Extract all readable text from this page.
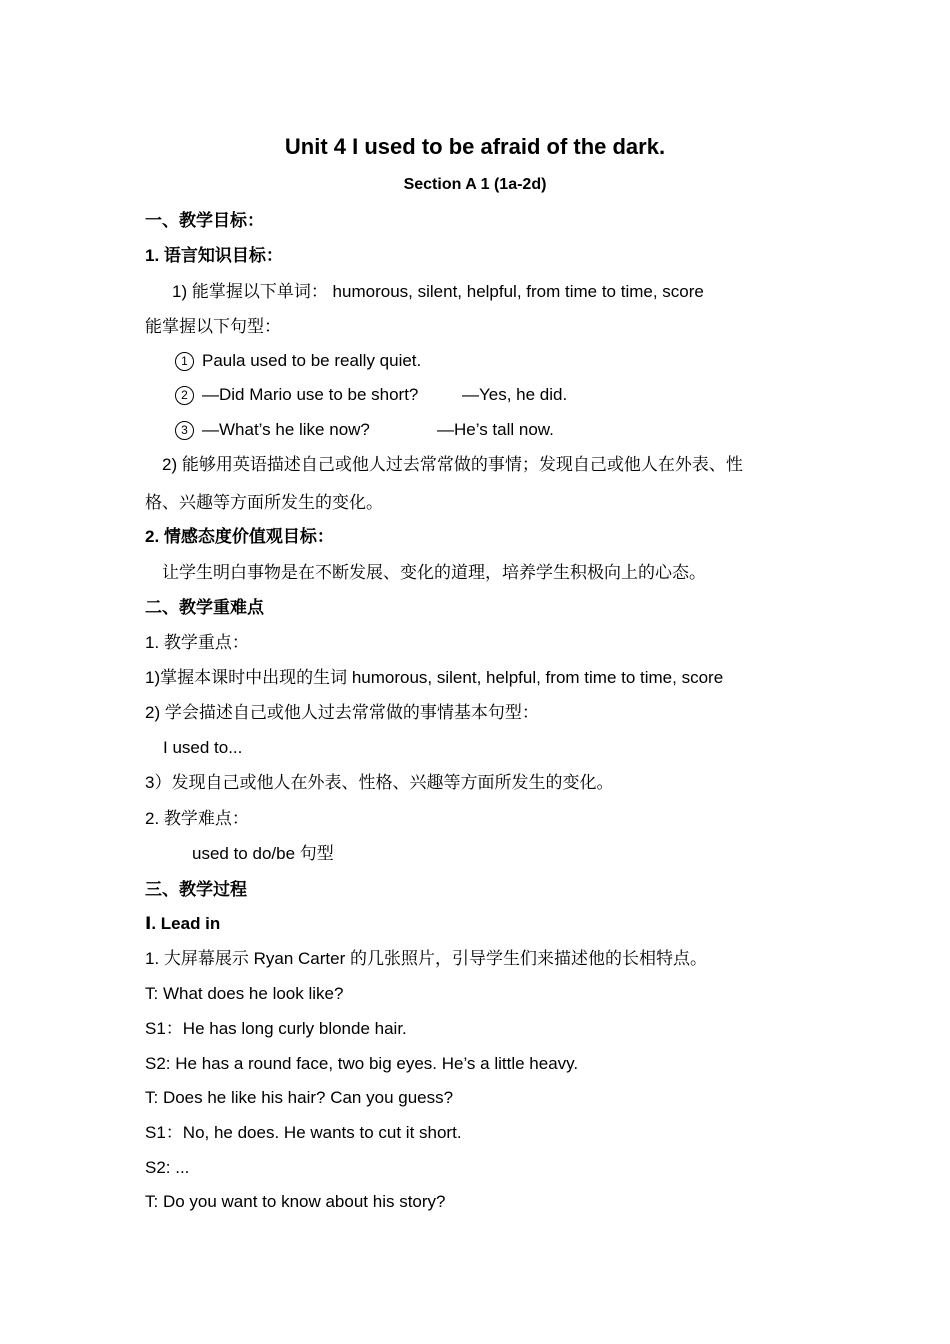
Unit 4 I used to be afraid of the dark.
Section A 1 (1a-2d)
一、教学目标：
1. 语言知识目标：
1) 能掌握以下单词： humorous, silent, helpful, from time to time, score
能掌握以下句型：
1 Paula used to be really quiet.
2 —Did Mario use to be short?	—Yes, he did.
3 —What’s he like now?	—He’s tall now.
2) 能够用英语描述自己或他人过去常常做的事情；发现自己或他人在外表、性
格、兴趣等方面所发生的变化。
2. 情感态度价值观目标：
让学生明白事物是在不断发展、变化的道理，培养学生积极向上的心态。
二、教学重难点
1. 教学重点：
1)掌握本课时中出现的生词 humorous, silent, helpful, from time to time, score
2) 学会描述自己或他人过去常常做的事情基本句型：
I used to...
3）发现自己或他人在外表、性格、兴趣等方面所发生的变化。
2. 教学难点：
used to do/be 句型
三、教学过程
Ⅰ. Lead in
1. 大屏幕展示 Ryan Carter 的几张照片，引导学生们来描述他的长相特点。
T: What does he look like?
S1：He has long curly blonde hair.
S2: He has a round face, two big eyes. He’s a little heavy.
T: Does he like his hair? Can you guess?
S1：No, he does. He wants to cut it short.
S2: ...
T: Do you want to know about his story?
